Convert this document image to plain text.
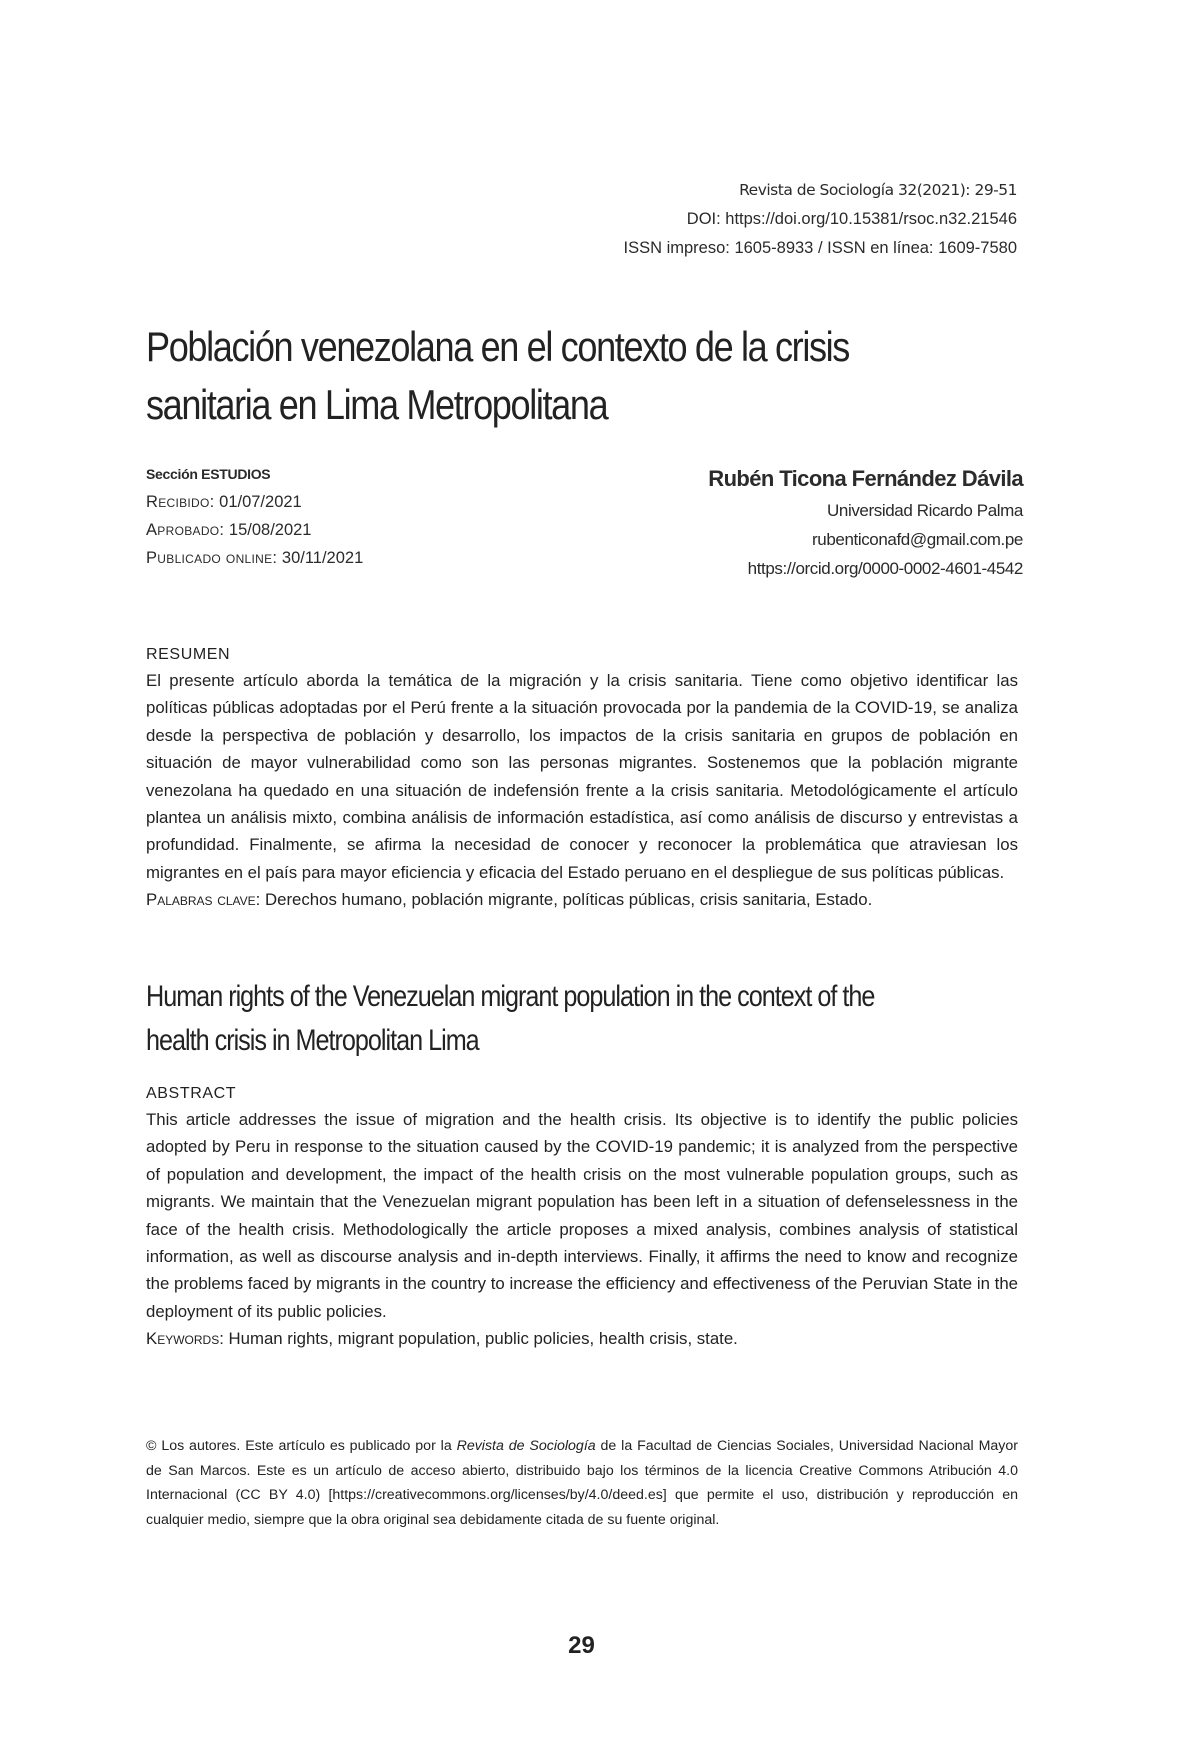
Revista de Sociología 32(2021): 29-51
DOI: https://doi.org/10.15381/rsoc.n32.21546
ISSN impreso: 1605-8933 / ISSN en línea: 1609-7580
Población venezolana en el contexto de la crisis
sanitaria en Lima Metropolitana
Sección ESTUDIOS
Recibido: 01/07/2021
Aprobado: 15/08/2021
Publicado online: 30/11/2021
Rubén Ticona Fernández Dávila
Universidad Ricardo Palma
rubenticonafd@gmail.com.pe
https://orcid.org/0000-0002-4601-4542
RESUMEN

El presente artículo aborda la temática de la migración y la crisis sanitaria. Tiene como objetivo identificar las políticas públicas adoptadas por el Perú frente a la situación provocada por la pandemia de la COVID-19, se analiza desde la perspectiva de población y desarrollo, los impactos de la crisis sanitaria en grupos de población en situación de mayor vulnerabilidad como son las personas migrantes. Sostenemos que la población migrante venezolana ha quedado en una situación de indefensión frente a la crisis sanitaria. Metodológicamente el artículo plantea un análisis mixto, combina análisis de información estadística, así como análisis de discurso y entrevistas a profundidad. Finalmente, se afirma la necesidad de conocer y reconocer la problemática que atraviesan los migrantes en el país para mayor eficiencia y eficacia del Estado peruano en el despliegue de sus políticas públicas.

Palabras clave: Derechos humano, población migrante, políticas públicas, crisis sanitaria, Estado.

Human rights of the Venezuelan migrant population in the context of the
health crisis in Metropolitan Lima
ABSTRACT

This article addresses the issue of migration and the health crisis. Its objective is to identify the public policies adopted by Peru in response to the situation caused by the COVID-19 pandemic; it is analyzed from the perspective of population and development, the impact of the health crisis on the most vulnerable population groups, such as migrants. We maintain that the Venezuelan migrant population has been left in a situation of defenselessness in the face of the health crisis. Methodologically the article proposes a mixed analysis, combines analysis of statistical information, as well as discourse analysis and in-depth interviews. Finally, it affirms the need to know and recognize the problems faced by migrants in the country to increase the efficiency and effectiveness of the Peruvian State in the deployment of its public policies.

Keywords: Human rights, migrant population, public policies, health crisis, state.

© Los autores. Este artículo es publicado por la Revista de Sociología de la Facultad de Ciencias Sociales, Universidad Nacional Mayor de San Marcos. Este es un artículo de acceso abierto, distribuido bajo los términos de la licencia Creative Commons Atribución 4.0 Internacional (CC BY 4.0) [https://creativecommons.org/licenses/by/4.0/deed.es] que permite el uso, distribución y reproducción en cualquier medio, siempre que la obra original sea debidamente citada de su fuente original.

29
